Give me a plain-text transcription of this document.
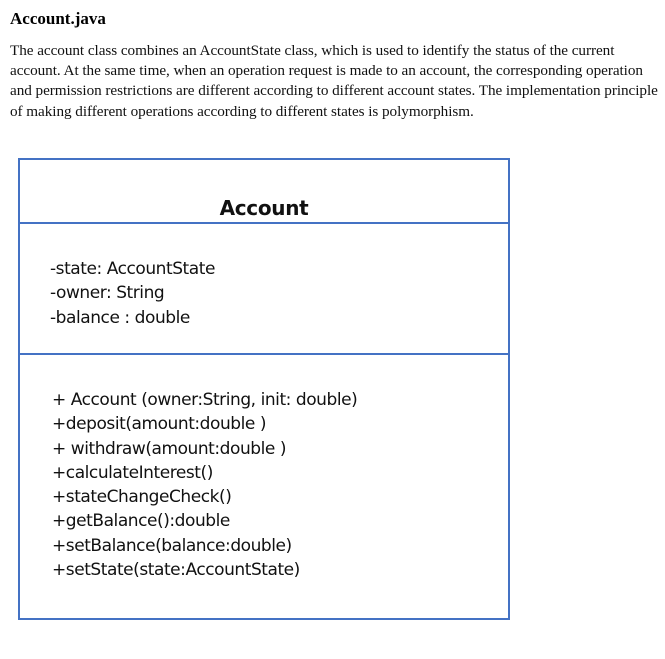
Account.java

The account class combines an AccountState class, which is used to identify the status of the current account. At the same time, when an operation request is made to an account, the corresponding operation and permission restrictions are different according to different account states. The implementation principle of making different operations according to different states is polymorphism.

Account
-state: AccountState
-owner: String
-balance : double
+ Account (owner:String, init: double)
+deposit(amount:double )
+ withdraw(amount:double )
+calculateInterest()
+stateChangeCheck()
+getBalance():double
+setBalance(balance:double)
+setState(state:AccountState)
